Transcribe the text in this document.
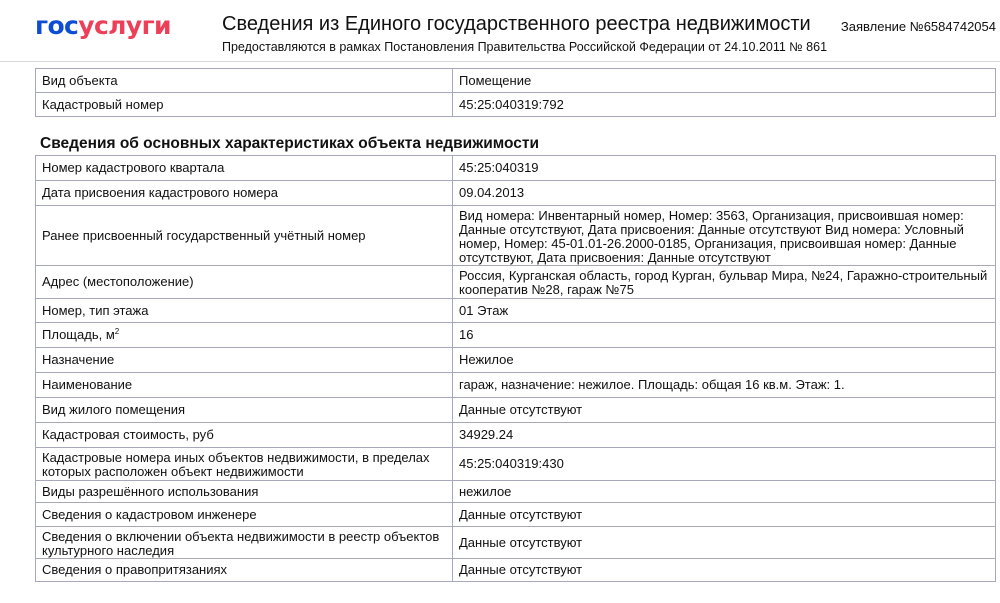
госуслуги	Сведения из Единого государственного реестра недвижимости
Предоставляются в рамках Постановления Правительства Российской Федерации от 24.10.2011 № 861
Заявление №6584742054
Вид объекта	Помещение
Кадастровый номер	45:25:040319:792
Сведения об основных характеристиках объекта недвижимости
Номер кадастрового квартала	45:25:040319
Дата присвоения кадастрового номера	09.04.2013
Ранее присвоенный государственный учётный номер	Вид номера: Инвентарный номер, Номер: 3563, Организация, присвоившая номер: Данные отсутствуют, Дата присвоения: Данные отсутствуют Вид номера: Условный номер, Номер: 45-01.01-26.2000-0185, Организация, присвоившая номер: Данные отсутствуют, Дата присвоения: Данные отсутствуют
Адрес (местоположение)	Россия, Курганская область, город Курган, бульвар Мира, №24, Гаражно-строительный кооператив №28, гараж №75
Номер, тип этажа	01 Этаж
Площадь, $м^2$	16
Назначение	Нежилое
Наименование	гараж, назначение: нежилое. Площадь: общая 16 кв.м. Этаж: 1.
Вид жилого помещения	Данные отсутствуют
Кадастровая стоимость, руб	34929.24
Кадастровые номера иных объектов недвижимости, в пределах которых расположен объект недвижимости	45:25:040319:430
Виды разрешённого использования	нежилое
Сведения о кадастровом инженере	Данные отсутствуют
Сведения о включении объекта недвижимости в реестр объектов культурного наследия	Данные отсутствуют
Сведения о правопритязаниях	Данные отсутствуют
